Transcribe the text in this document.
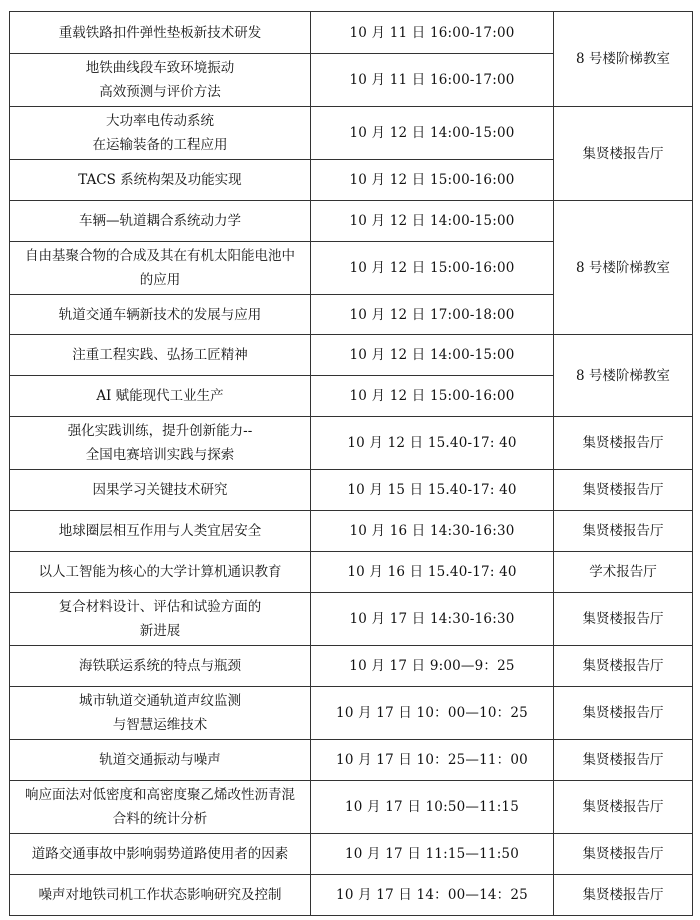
重载铁路扣件弹性垫板新技术研发	10 月 11 日 16:00-17:00	8 号楼阶梯教室

地铁曲线段车致环境振动
高效预测与评价方法	10 月 11 日 16:00-17:00	

大功率电传动系统
在运输装备的工程应用	10 月 12 日 14:00-15:00	集贤楼报告厅

TACS 系统构架及功能实现	10 月 12 日 15:00-16:00	

车辆—轨道耦合系统动力学	10 月 12 日 14:00-15:00	8 号楼阶梯教室

自由基聚合物的合成及其在有机太阳能电池中
的应用	10 月 12 日 15:00-16:00	

轨道交通车辆新技术的发展与应用	10 月 12 日 17:00-18:00	

注重工程实践、弘扬工匠精神	10 月 12 日 14:00-15:00	8 号楼阶梯教室

AI 赋能现代工业生产	10 月 12 日 15:00-16:00	

强化实践训练，提升创新能力--
全国电赛培训实践与探索	10 月 12 日 15.40-17: 40	集贤楼报告厅

因果学习关键技术研究	10 月 15 日 15.40-17: 40	集贤楼报告厅

地球圈层相互作用与人类宜居安全	10 月 16 日 14:30-16:30	集贤楼报告厅

以人工智能为核心的大学计算机通识教育	10 月 16 日 15.40-17: 40	学术报告厅

复合材料设计、评估和试验方面的
新进展	10 月 17 日 14:30-16:30	集贤楼报告厅

海铁联运系统的特点与瓶颈	10 月 17 日 9:00—9：25	集贤楼报告厅

城市轨道交通轨道声纹监测
与智慧运维技术	10 月 17 日 10：00—10：25	集贤楼报告厅

轨道交通振动与噪声	10 月 17 日 10：25—11：00	集贤楼报告厅

响应面法对低密度和高密度聚乙烯改性沥青混
合料的统计分析	10 月 17 日 10:50—11:15	集贤楼报告厅

道路交通事故中影响弱势道路使用者的因素	10 月 17 日 11:15—11:50	集贤楼报告厅

噪声对地铁司机工作状态影响研究及控制	10 月 17 日 14：00—14：25	集贤楼报告厅
